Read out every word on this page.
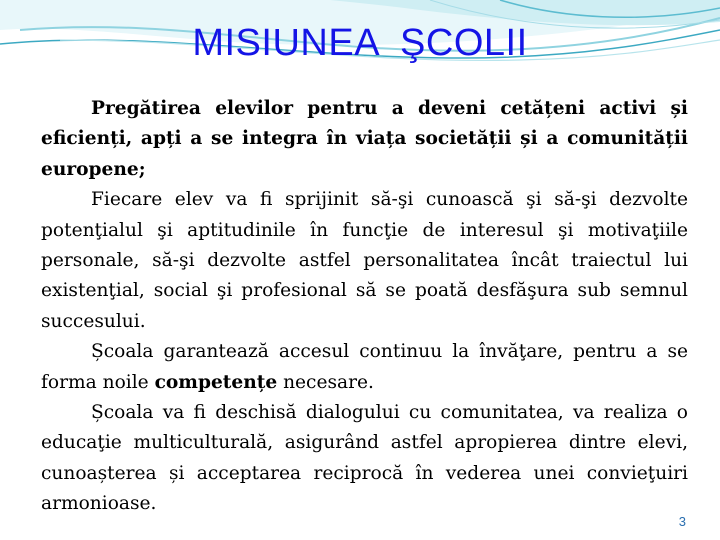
MISIUNEA  ŞCOLII

Pregătirea elevilor pentru a deveni cetățeni activi și eficienți, apți a se integra în viața societății și a comunității europene;

Fiecare elev va fi sprijinit să-şi cunoască şi să-şi dezvolte potenţialul şi aptitudinile în funcţie de interesul şi motivaţiile personale, să-şi dezvolte astfel personalitatea încât traiectul lui existenţial, social şi profesional să se poată desfăşura sub semnul succesului.

Școala garantează accesul continuu la învăţare, pentru a se forma noile competențe necesare.

Școala va fi deschisă dialogului cu comunitatea, va realiza o educaţie multiculturală, asigurând astfel apropierea dintre elevi, cunoașterea și acceptarea reciprocă în vederea unei convieţuiri armonioase.

3
